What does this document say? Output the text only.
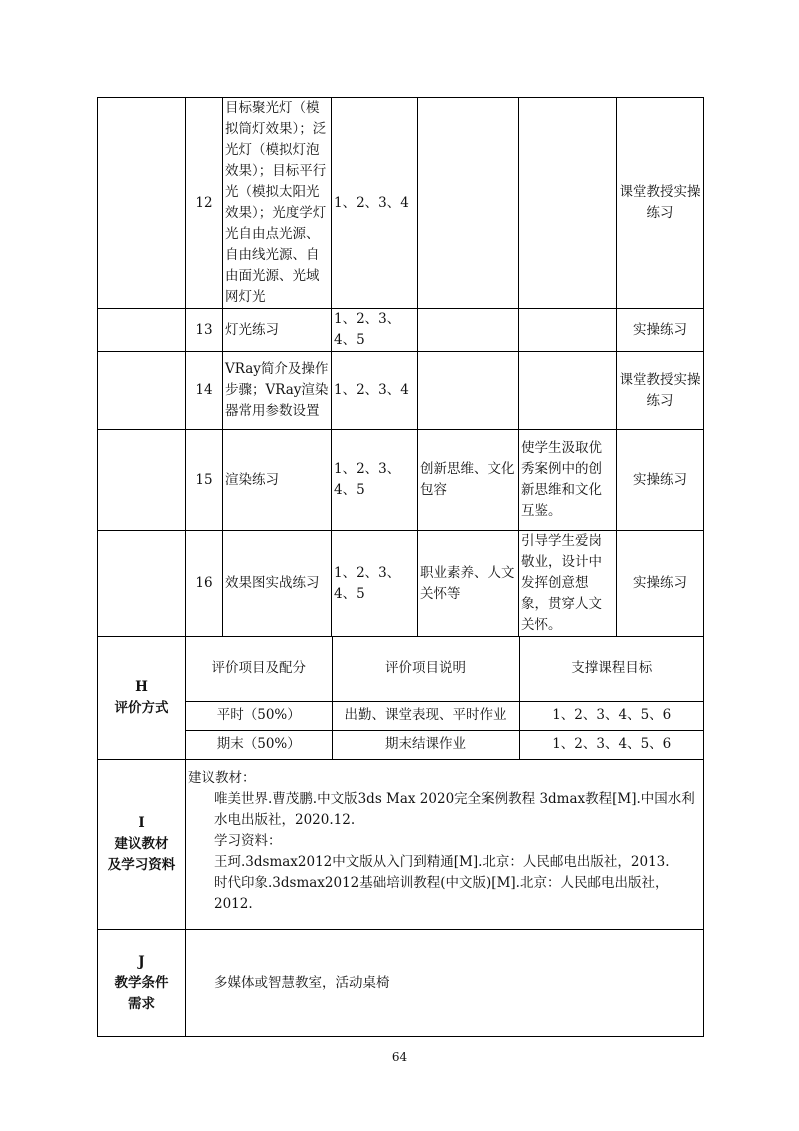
	12	目标聚光灯（模拟筒灯效果）；泛光灯（模拟灯泡效果）；目标平行光（模拟太阳光效果）；光度学灯光自由点光源、自由线光源、自由面光源、光域网灯光	1、2、3、4			课堂教授实操练习
	13	灯光练习	1、2、3、4、5			实操练习
	14	VRay简介及操作步骤；VRay渲染器常用参数设置	1、2、3、4			课堂教授实操练习
	15	渲染练习	1、2、3、4、5	创新思维、文化包容	使学生汲取优秀案例中的创新思维和文化互鉴。	实操练习
	16	效果图实战练习	1、2、3、4、5	职业素养、人文关怀等	引导学生爱岗敬业，设计中发挥创意想象，贯穿人文关怀。	实操练习

H
评价方式

评价项目及配分	评价项目说明	支撑课程目标
平时（50%）	出勤、课堂表现、平时作业	1、2、3、4、5、6
期末（50%）	期末结课作业	1、2、3、4、5、6

I
建议教材
及学习资料

建议教材：

唯美世界.曹茂鹏.中文版3ds Max 2020完全案例教程 3dmax教程[M].中国水利水电出版社，2020.12.

学习资料：

王珂.3dsmax2012中文版从入门到精通[M].北京：人民邮电出版社，2013.

时代印象.3dsmax2012基础培训教程(中文版)[M].北京：人民邮电出版社，2012.

J
教学条件
需求
	多媒体或智慧教室，活动桌椅
64
